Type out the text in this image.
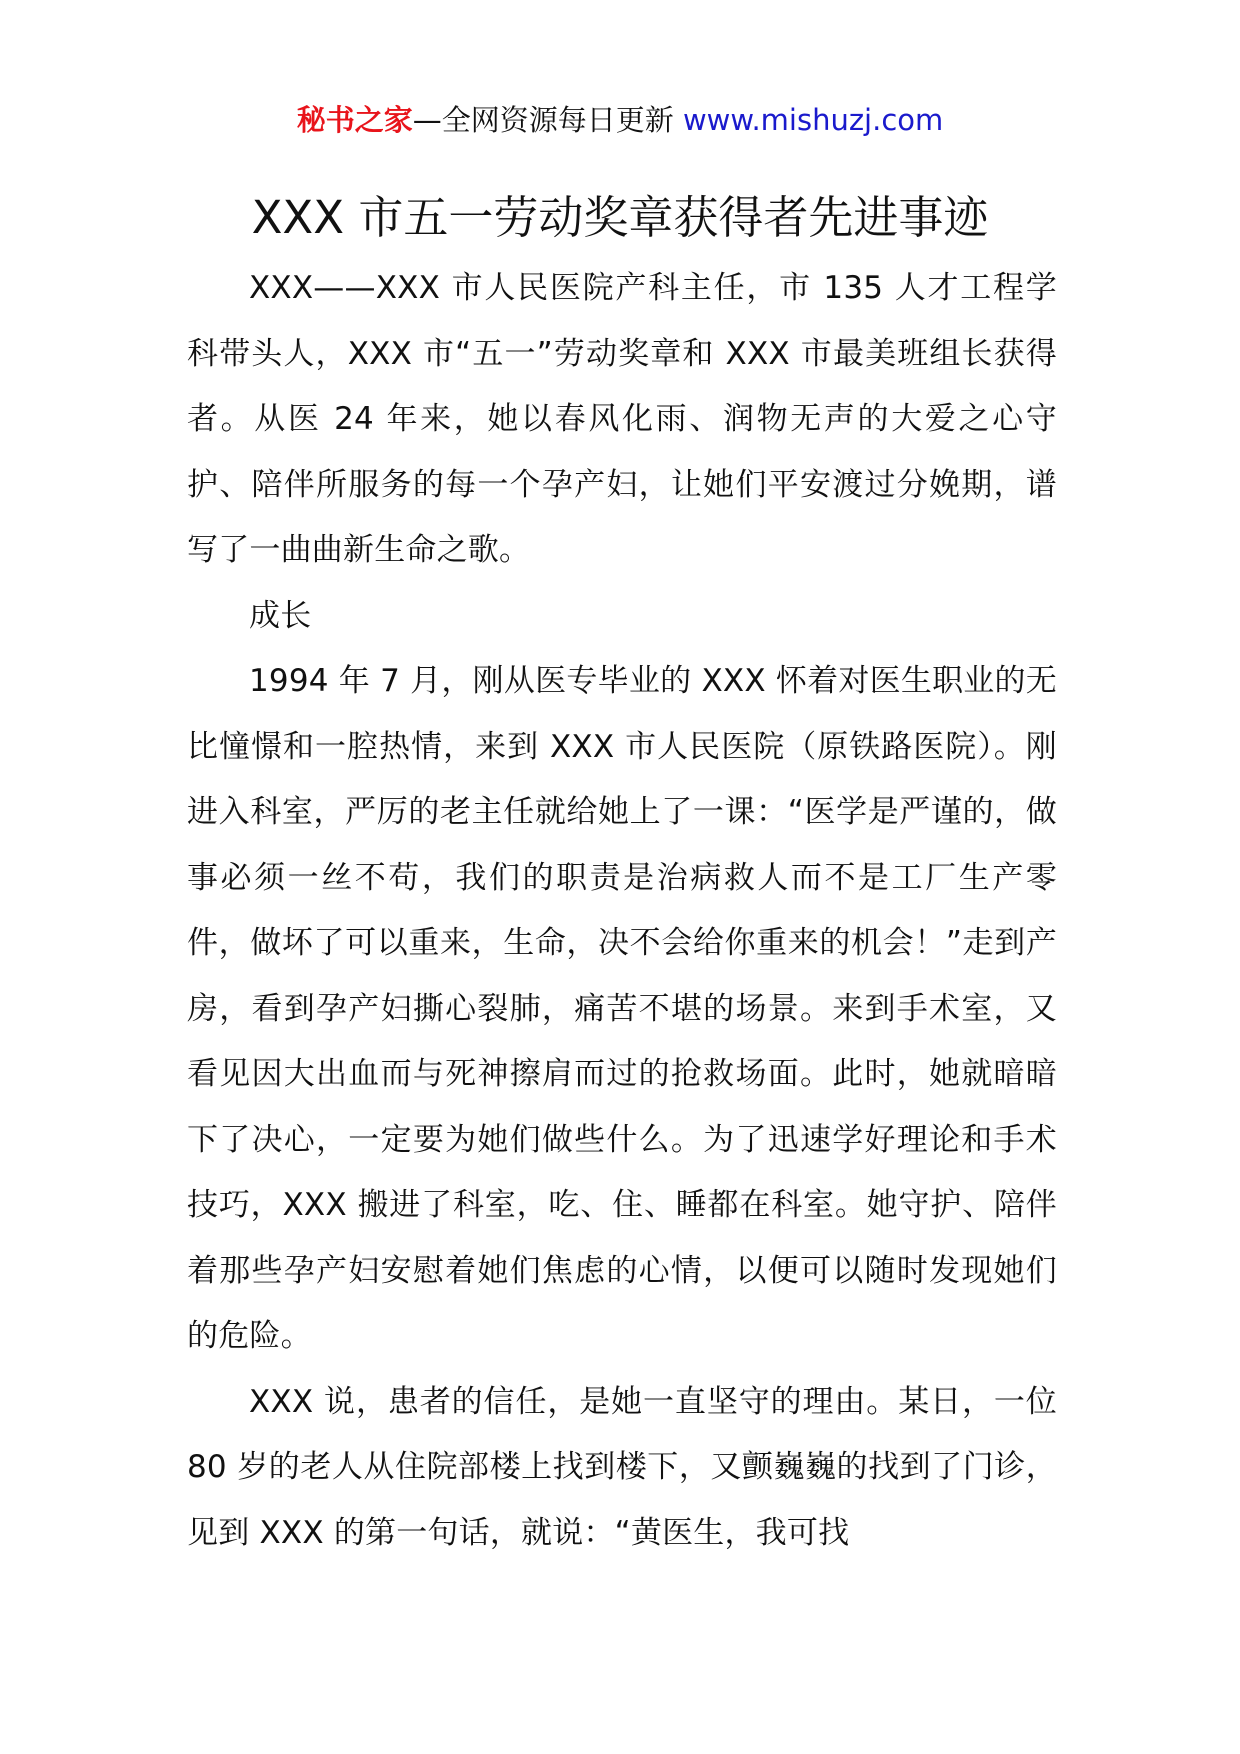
秘书之家—全网资源每日更新 www.mishuzj.com
XXX 市五一劳动奖章获得者先进事迹

XXX——XXX 市人民医院产科主任，市 135 人才工程学科带头人，XXX 市“五一”劳动奖章和 XXX 市最美班组长获得者。从医 24 年来，她以春风化雨、润物无声的大爱之心守护、陪伴所服务的每一个孕产妇，让她们平安渡过分娩期，谱写了一曲曲新生命之歌。

成长

1994 年 7 月，刚从医专毕业的 XXX 怀着对医生职业的无比憧憬和一腔热情，来到 XXX 市人民医院（原铁路医院）。刚进入科室，严厉的老主任就给她上了一课：“医学是严谨的，做事必须一丝不苟，我们的职责是治病救人而不是工厂生产零件，做坏了可以重来，生命，决不会给你重来的机会！”走到产房，看到孕产妇撕心裂肺，痛苦不堪的场景。来到手术室，又看见因大出血而与死神擦肩而过的抢救场面。此时，她就暗暗下了决心，一定要为她们做些什么。为了迅速学好理论和手术技巧，XXX 搬进了科室，吃、住、睡都在科室。她守护、陪伴着那些孕产妇安慰着她们焦虑的心情，以便可以随时发现她们的危险。

XXX 说，患者的信任，是她一直坚守的理由。某日，一位 80 岁的老人从住院部楼上找到楼下，又颤巍巍的找到了门诊，见到 XXX 的第一句话，就说：“黄医生，我可找
